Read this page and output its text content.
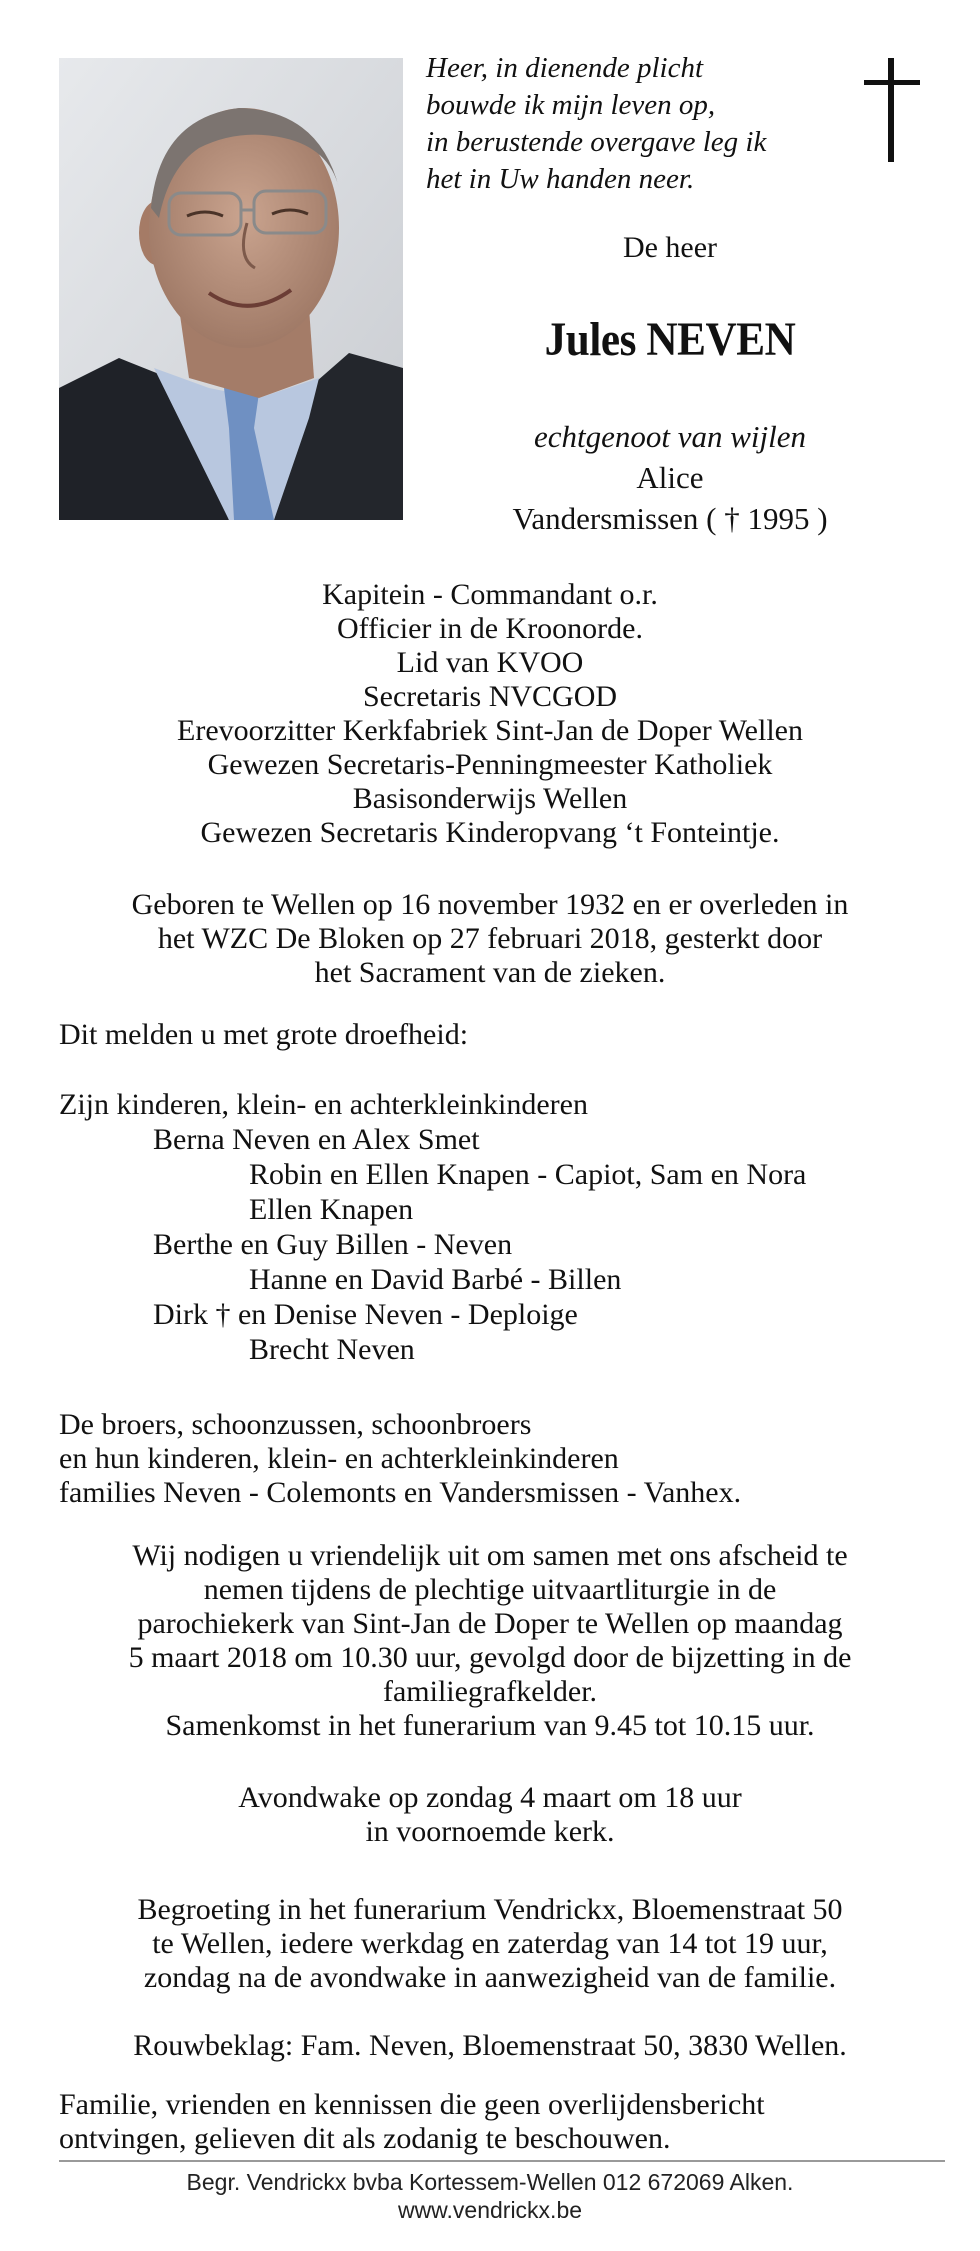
Heer, in dienende plicht
bouwde ik mijn leven op,
in berustende overgave leg ik
het in Uw handen neer.
De heer
Jules NEVEN
echtgenoot van wijlen
Alice
Vandersmissen ( † 1995 )
Kapitein - Commandant o.r.
Officier in de Kroonorde.
Lid van KVOO
Secretaris NVCGOD
Erevoorzitter Kerkfabriek Sint-Jan de Doper Wellen
Gewezen Secretaris-Penningmeester Katholiek
Basisonderwijs Wellen
Gewezen Secretaris Kinderopvang ‘t Fonteintje.
Geboren te Wellen op 16 november 1932 en er overleden in
het WZC De Bloken op 27 februari 2018, gesterkt door
het Sacrament van de zieken.
Dit melden u met grote droefheid:
Zijn kinderen, klein- en achterkleinkinderen
Berna Neven en Alex Smet
Robin en Ellen Knapen - Capiot, Sam en Nora
Ellen Knapen
Berthe en Guy Billen - Neven
Hanne en David Barbé - Billen
Dirk † en Denise Neven - Deploige
Brecht Neven
De broers, schoonzussen, schoonbroers
en hun kinderen, klein- en achterkleinkinderen
families Neven - Colemonts en Vandersmissen - Vanhex.
Wij nodigen u vriendelijk uit om samen met ons afscheid te
nemen tijdens de plechtige uitvaartliturgie in de
parochiekerk van Sint-Jan de Doper te Wellen op maandag
5 maart 2018 om 10.30 uur, gevolgd door de bijzetting in de
familiegrafkelder.
Samenkomst in het funerarium van 9.45 tot 10.15 uur.
Avondwake op zondag 4 maart om 18 uur
in voornoemde kerk.
Begroeting in het funerarium Vendrickx, Bloemenstraat 50
te Wellen, iedere werkdag en zaterdag van 14 tot 19 uur,
zondag na de avondwake in aanwezigheid van de familie.
Rouwbeklag: Fam. Neven, Bloemenstraat 50, 3830 Wellen.
Familie, vrienden en kennissen die geen overlijdensbericht
ontvingen, gelieven dit als zodanig te beschouwen.
Begr. Vendrickx bvba Kortessem-Wellen 012 672069 Alken.
www.vendrickx.be
